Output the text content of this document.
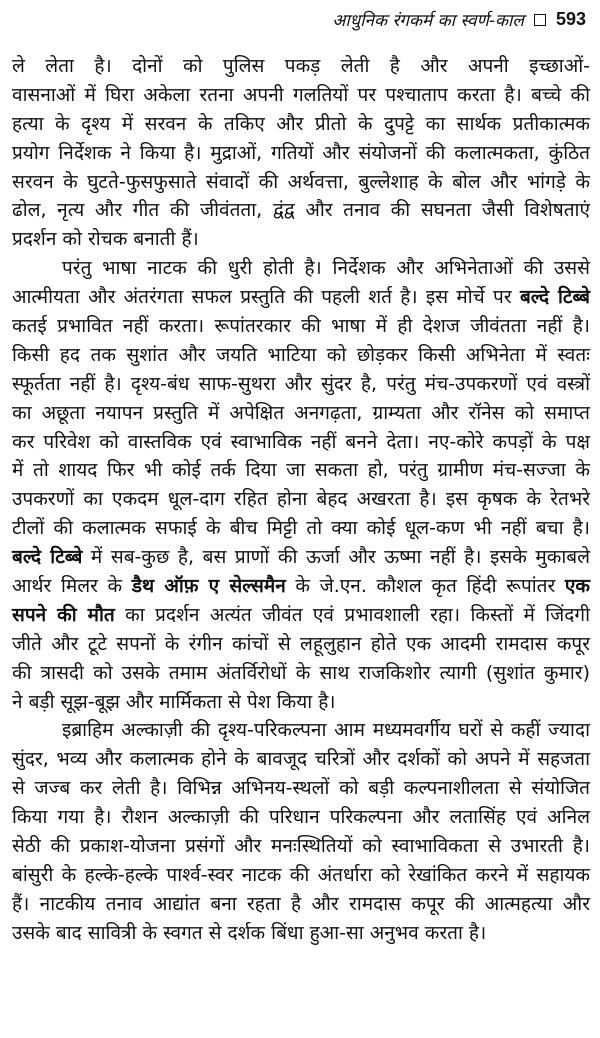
आधुनिक रंगकर्म का स्वर्ण-काल 593
ले लेता है। दोनों को पुलिस पकड़ लेती है और अपनी इच्छाओं-
वासनाओं में घिरा अकेला रतना अपनी गलतियों पर पश्चाताप करता है। बच्चे की
हत्या के दृश्य में सरवन के तकिए और प्रीतो के दुपट्टे का सार्थक प्रतीकात्मक
प्रयोग निर्देशक ने किया है। मुद्राओं, गतियों और संयोजनों की कलात्मकता, कुंठित
सरवन के घुटते-फुसफुसाते संवादों की अर्थवत्ता, बुल्लेशाह के बोल और भांगड़े के
ढोल, नृत्य और गीत की जीवंतता, द्वंद्व और तनाव की सघनता जैसी विशेषताएं
प्रदर्शन को रोचक बनाती हैं।
परंतु भाषा नाटक की धुरी होती है। निर्देशक और अभिनेताओं की उससे
आत्मीयता और अंतरंगता सफल प्रस्तुति की पहली शर्त है। इस मोर्चे पर बल्दे टिब्बे
कतई प्रभावित नहीं करता। रूपांतरकार की भाषा में ही देशज जीवंतता नहीं है।
किसी हद तक सुशांत और जयति भाटिया को छोड़कर किसी अभिनेता में स्वतः
स्फूर्तता नहीं है। दृश्य-बंध साफ-सुथरा और सुंदर है, परंतु मंच-उपकरणों एवं वस्त्रों
का अछूता नयापन प्रस्तुति में अपेक्षित अनगढ़ता, ग्राम्यता और रॉनेस को समाप्त
कर परिवेश को वास्तविक एवं स्वाभाविक नहीं बनने देता। नए-कोरे कपड़ों के पक्ष
में तो शायद फिर भी कोई तर्क दिया जा सकता हो, परंतु ग्रामीण मंच-सज्जा के
उपकरणों का एकदम धूल-दाग रहित होना बेहद अखरता है। इस कृषक के रेतभरे
टीलों की कलात्मक सफाई के बीच मिट्टी तो क्या कोई धूल-कण भी नहीं बचा है।
बल्दे टिब्बे में सब-कुछ है, बस प्राणों की ऊर्जा और ऊष्मा नहीं है। इसके मुकाबले
आर्थर मिलर के डैथ ऑफ़ ए सेल्समैन के जे.एन. कौशल कृत हिंदी रूपांतर एक
सपने की मौत का प्रदर्शन अत्यंत जीवंत एवं प्रभावशाली रहा। किस्तों में जिंदगी
जीते और टूटे सपनों के रंगीन कांचों से लहूलुहान होते एक आदमी रामदास कपूर
की त्रासदी को उसके तमाम अंतर्विरोधों के साथ राजकिशोर त्यागी (सुशांत कुमार)
ने बड़ी सूझ-बूझ और मार्मिकता से पेश किया है।
इब्राहिम अल्काज़ी की दृश्य-परिकल्पना आम मध्यमवर्गीय घरों से कहीं ज्यादा
सुंदर, भव्य और कलात्मक होने के बावजूद चरित्रों और दर्शकों को अपने में सहजता
से जज्ब कर लेती है। विभिन्न अभिनय-स्थलों को बड़ी कल्पनाशीलता से संयोजित
किया गया है। रौशन अल्काज़ी की परिधान परिकल्पना और लतासिंह एवं अनिल
सेठी की प्रकाश-योजना प्रसंगों और मनःस्थितियों को स्वाभाविकता से उभारती है।
बांसुरी के हल्के-हल्के पार्श्व-स्वर नाटक की अंतर्धारा को रेखांकित करने में सहायक
हैं। नाटकीय तनाव आद्यांत बना रहता है और रामदास कपूर की आत्महत्या और
उसके बाद सावित्री के स्वगत से दर्शक बिंधा हुआ-सा अनुभव करता है।
